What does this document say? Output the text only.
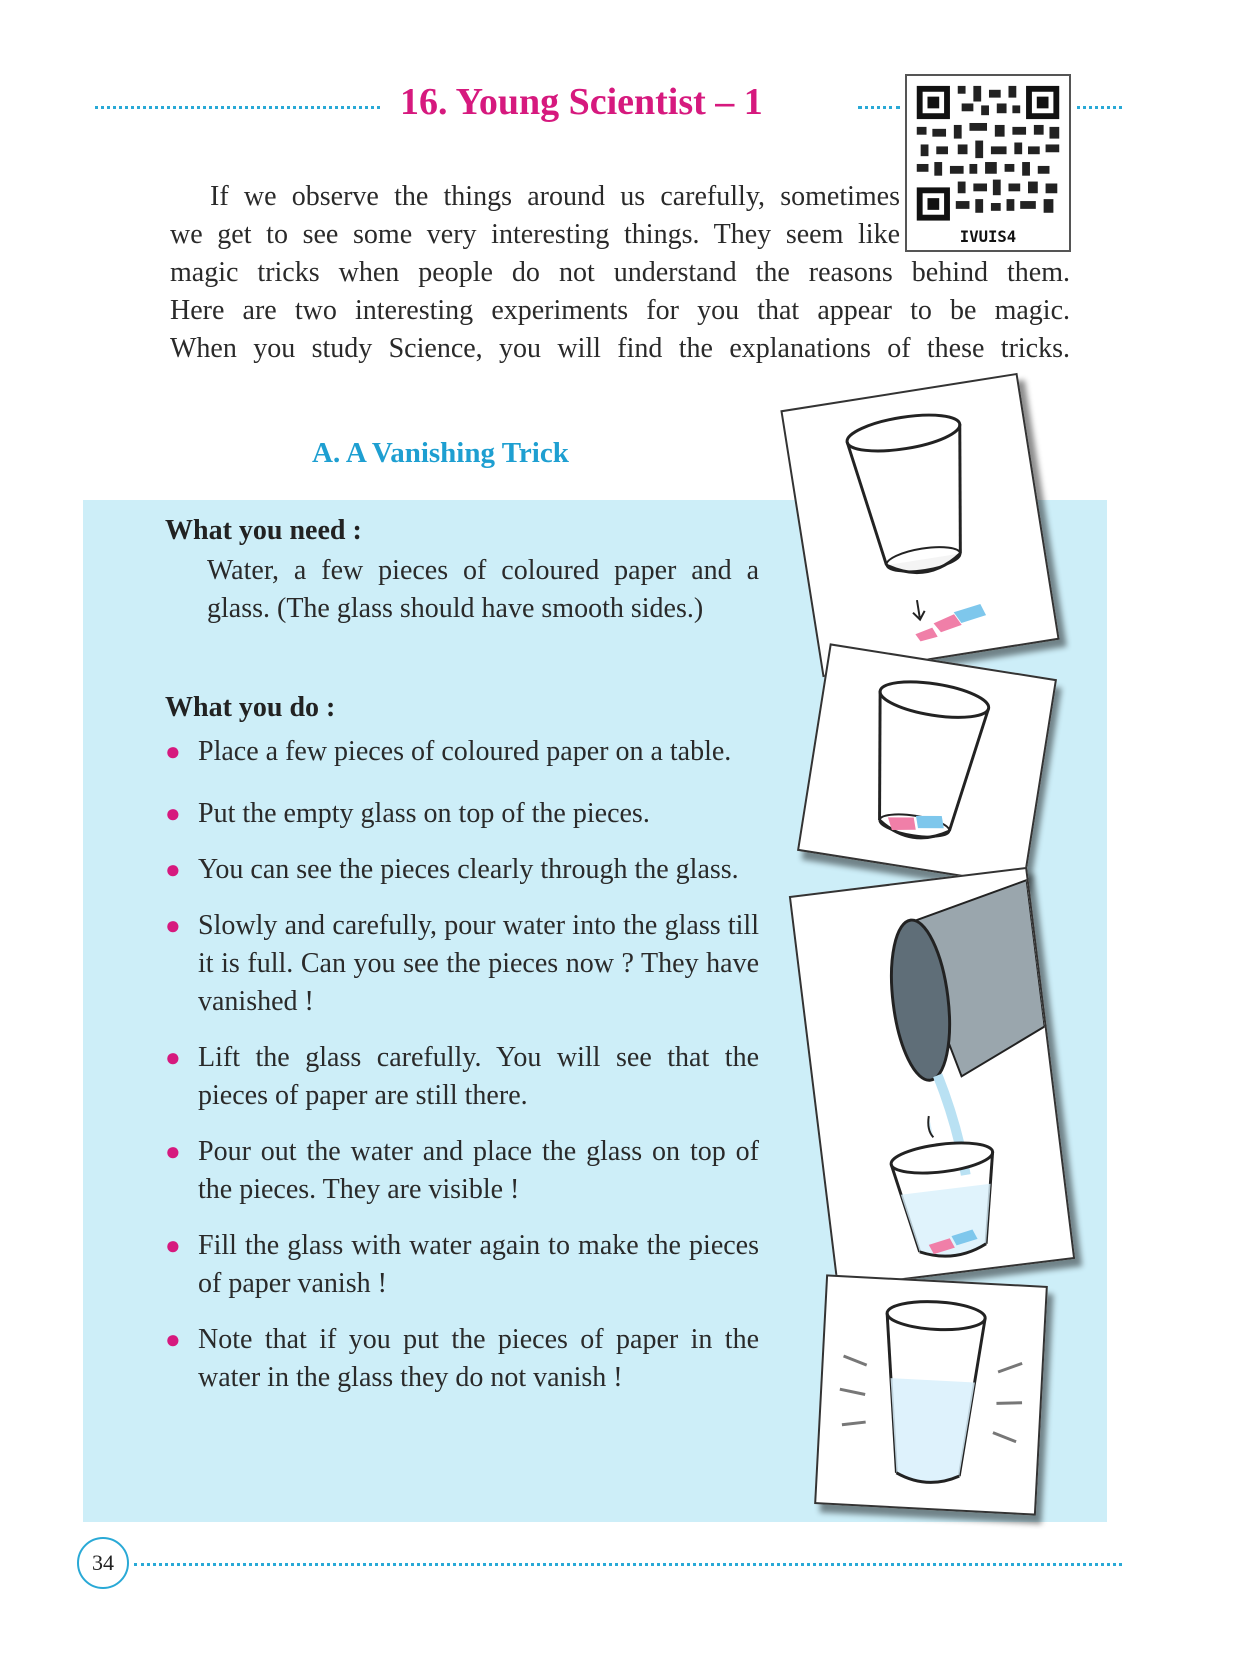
16. Young Scientist – 1
IVUIS4
If we observe the things around us carefully, sometimes
we get to see some very interesting things. They seem like
magic tricks when people do not understand the reasons behind them.
Here are two interesting experiments for you that appear to be magic.
When you study Science, you will find the explanations of these tricks.
A. A Vanishing Trick
What you need :
Water, a few pieces of coloured paper and a glass. (The glass should have smooth sides.)
What you do :
● Place a few pieces of coloured paper on a table.
● Put the empty glass on top of the pieces.
● You can see the pieces clearly through the glass.
● Slowly and carefully, pour water into the glass till it is full. Can you see the pieces now ? They have vanished !
● Lift the glass carefully. You will see that the pieces of paper are still there.
● Pour out the water and place the glass on top of the pieces. They are visible !
● Fill the glass with water again to make the pieces of paper vanish !
● Note that if you put the pieces of paper in the water in the glass they do not vanish !
34
